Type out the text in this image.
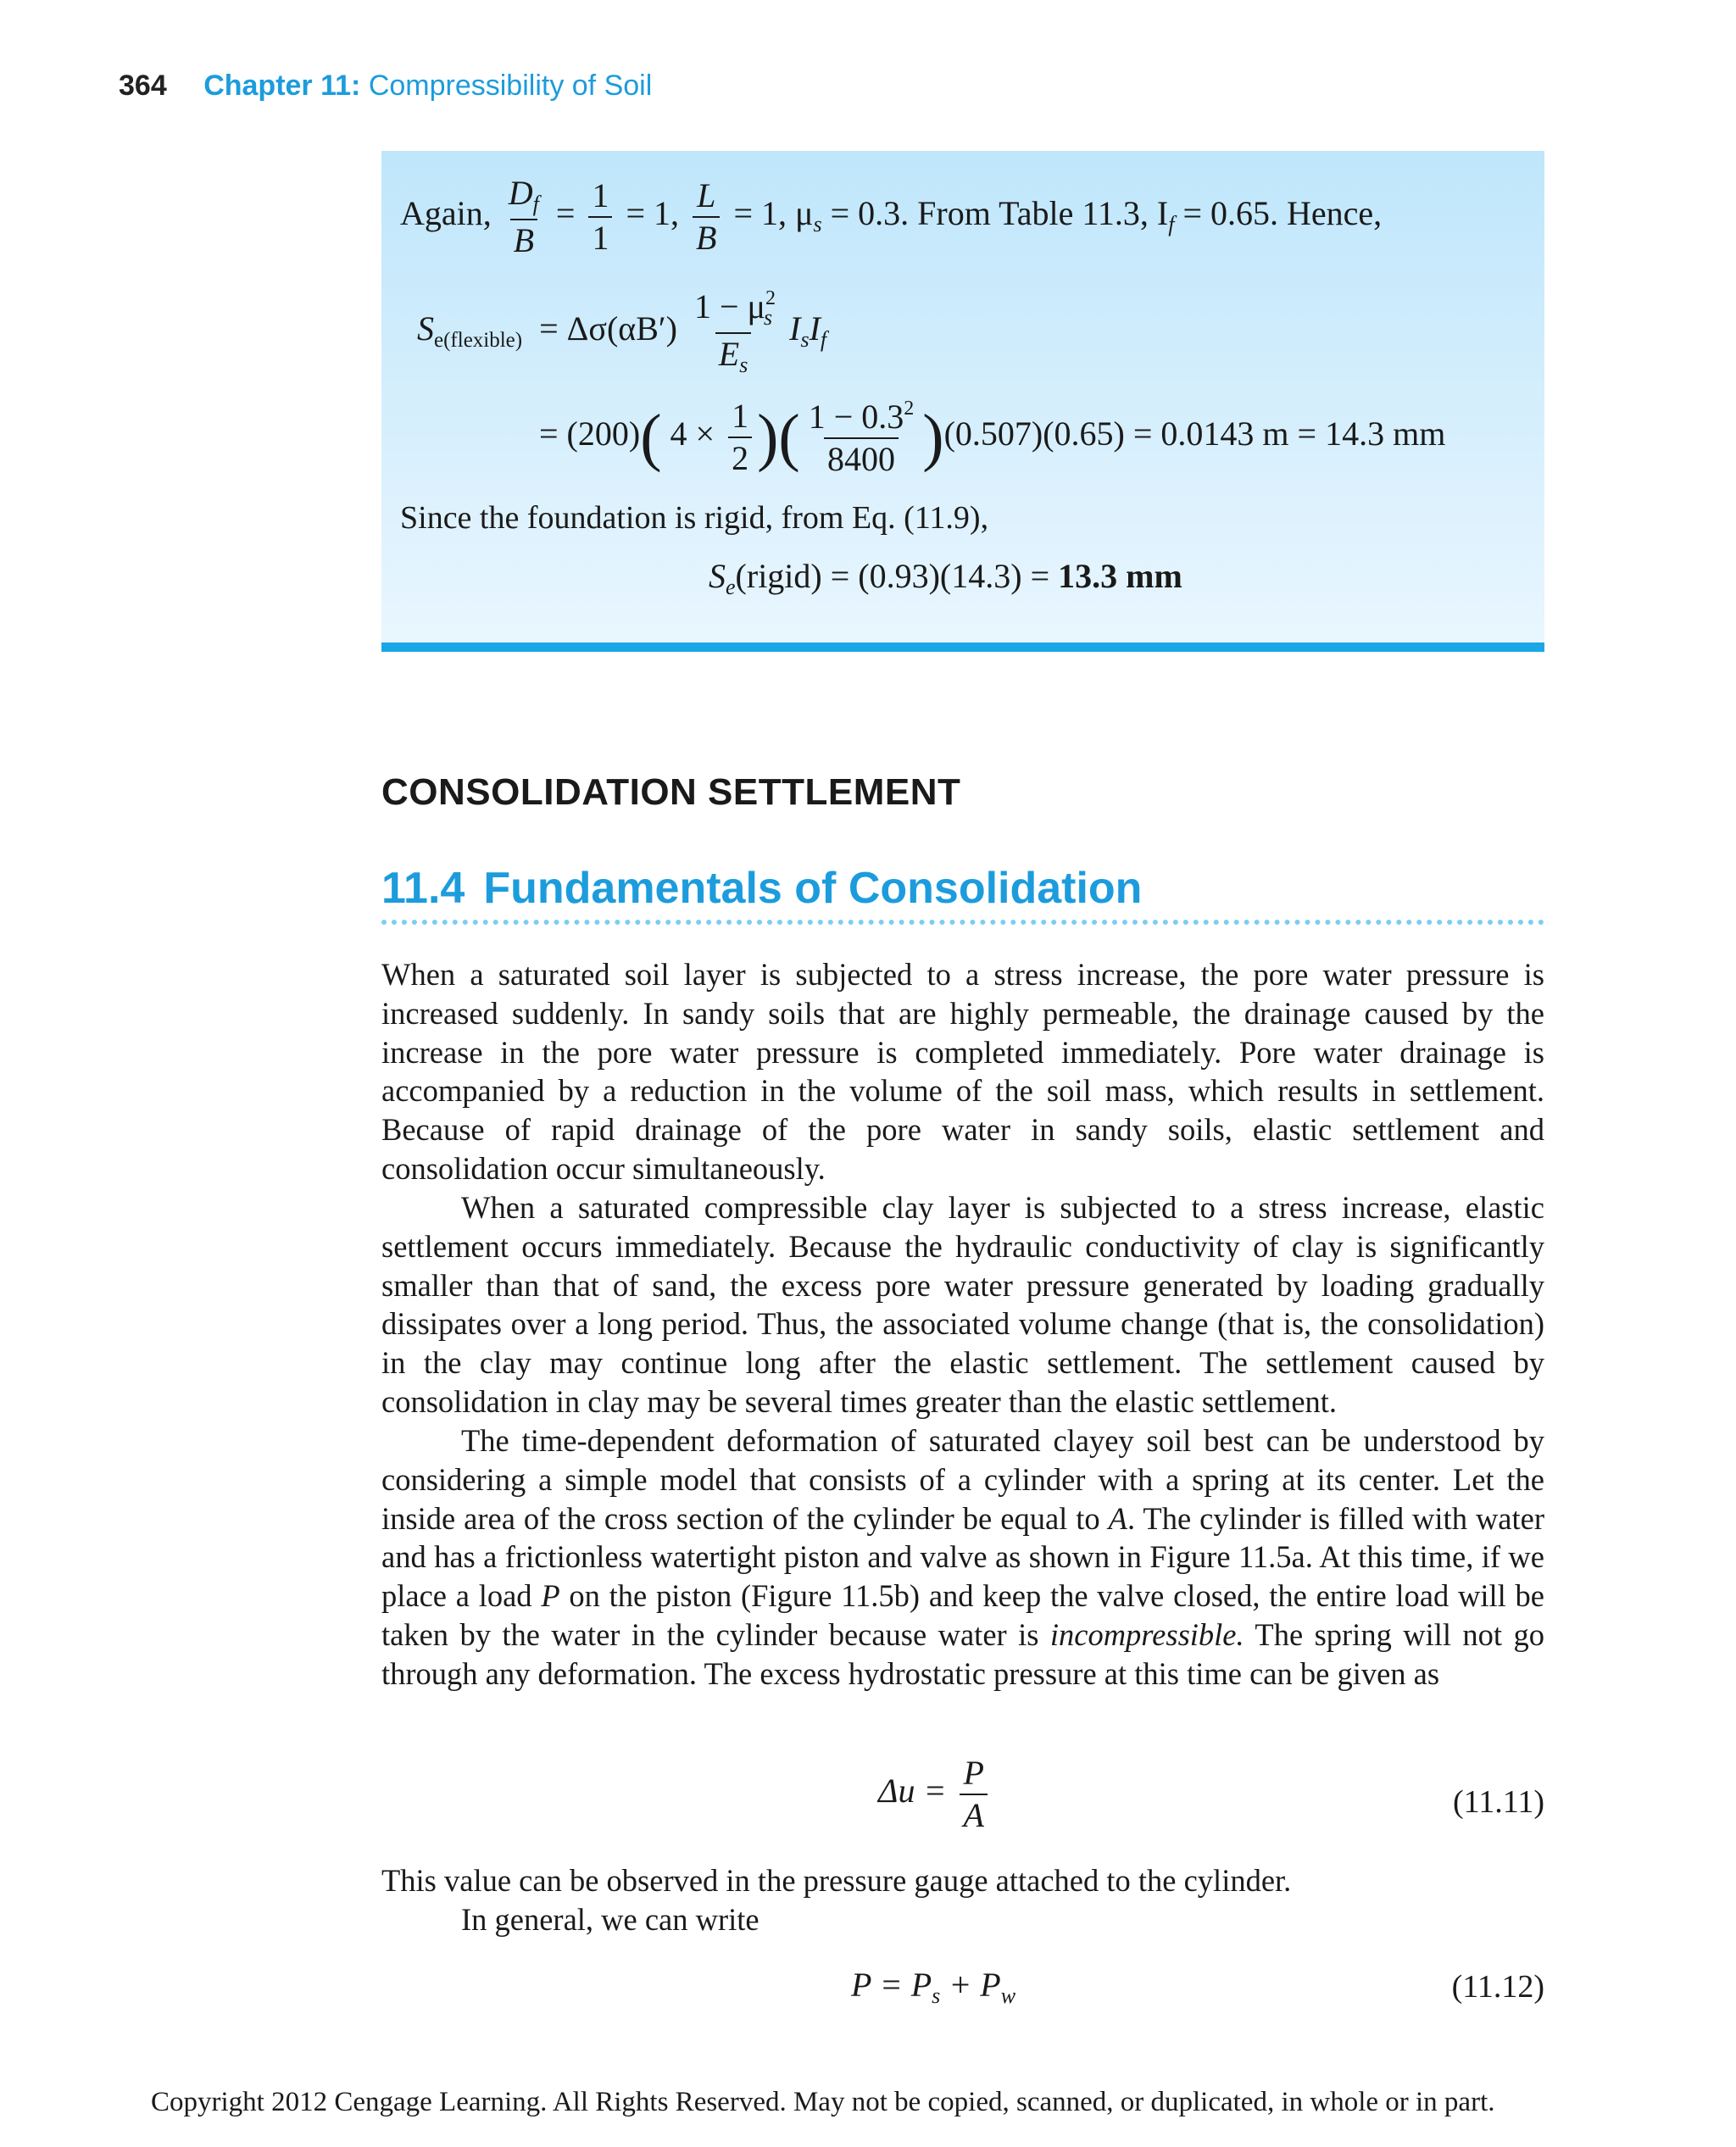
364 Chapter 11: Compressibility of Soil
Again, $\frac{D_f}{B} = \frac{1}{1} = 1$, $\frac{L}{B} = 1$, $\mu_s = 0.3$. From Table 11.3, $I_f = 0.65$. Hence,
$S_{e(flexible)} = \Delta\sigma(\alpha B') \frac{1 - \mu^2_s}{E_s} I_sI_f$
= (200)( $4 \times \frac{1}{2}$ )( $\frac{1 - 0.3^2}{8400} )(0.507)(0.65) = 0.0143$ m = 14.3 mm
Since the foundation is rigid, from Eq. (11.9),
$S_e(rigid) = (0.93)(14.3) = 13.3$ mm
CONSOLIDATION SETTLEMENT
11.4 Fundamentals of Consolidation

When a saturated soil layer is subjected to a stress increase, the pore water pressure is increased suddenly. In sandy soils that are highly permeable, the drainage caused by the increase in the pore water pressure is completed immediately. Pore water drainage is accompanied by a reduction in the volume of the soil mass, which results in settlement. Because of rapid drainage of the pore water in sandy soils, elastic settlement and consolidation occur simultaneously.

When a saturated compressible clay layer is subjected to a stress increase, elastic settlement occurs immediately. Because the hydraulic conductivity of clay is significantly smaller than that of sand, the excess pore water pressure generated by loading gradually dissipates over a long period. Thus, the associated volume change (that is, the consolidation) in the clay may continue long after the elastic settlement. The settlement caused by consolidation in clay may be several times greater than the elastic settlement.

The time-dependent deformation of saturated clayey soil best can be understood by considering a simple model that consists of a cylinder with a spring at its center. Let the inside area of the cross section of the cylinder be equal to A. The cylinder is filled with water and has a frictionless watertight piston and valve as shown in Figure 11.5a. At this time, if we place a load P on the piston (Figure 11.5b) and keep the valve closed, the entire load will be taken by the water in the cylinder because water is incompressible. The spring will not go through any deformation. The excess hydrostatic pressure at this time can be given as

$\Delta u = \frac{P}{A}$	(11.11)

This value can be observed in the pressure gauge attached to the cylinder.

In general, we can write

$P = P_s + P_w$	(11.12)
Copyright 2012 Cengage Learning. All Rights Reserved. May not be copied, scanned, or duplicated, in whole or in part.
